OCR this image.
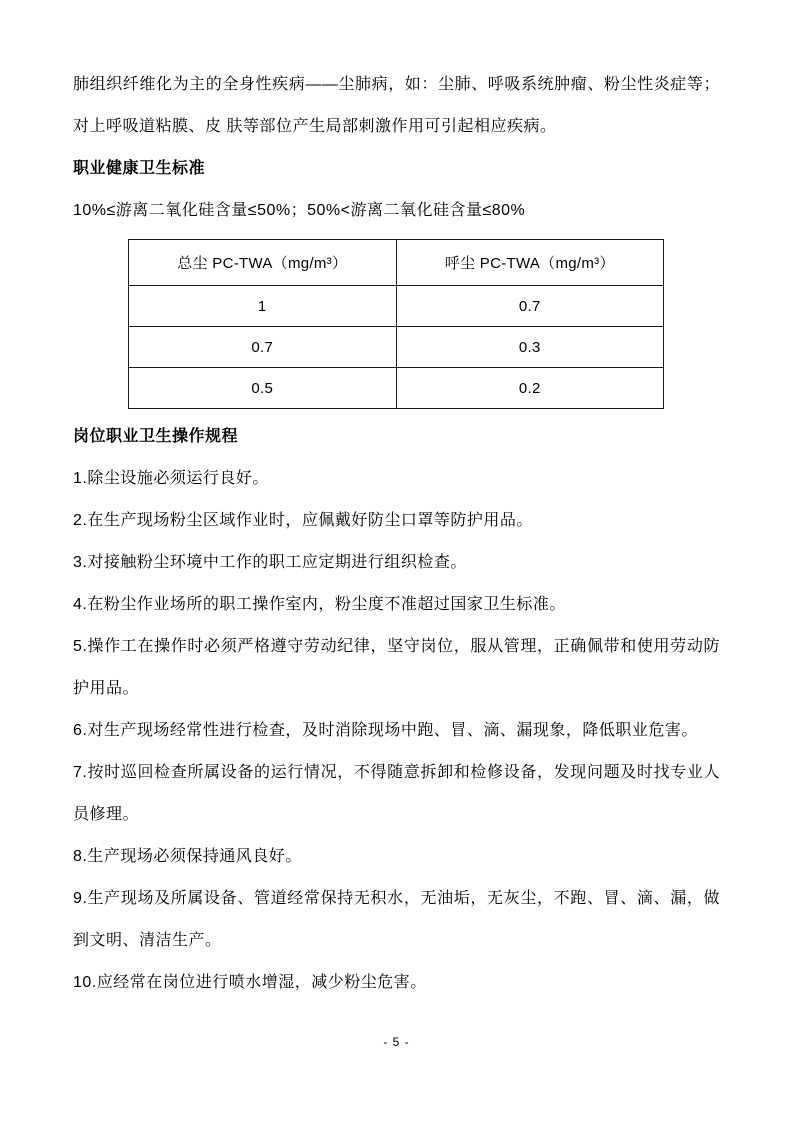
肺组织纤维化为主的全身性疾病——尘肺病，如：尘肺、呼吸系统肿瘤、粉尘性炎症等；对上呼吸道粘膜、皮 肤等部位产生局部刺激作用可引起相应疾病。

职业健康卫生标准

10%≤游离二氧化硅含量≤50%；50%<游离二氧化硅含量≤80%

总尘 PC-TWA（mg/m³）	呼尘 PC-TWA（mg/m³）
1	0.7
0.7	0.3
0.5	0.2
岗位职业卫生操作规程

1.除尘设施必须运行良好。

2.在生产现场粉尘区域作业时，应佩戴好防尘口罩等防护用品。

3.对接触粉尘环境中工作的职工应定期进行组织检查。

4.在粉尘作业场所的职工操作室内，粉尘度不准超过国家卫生标准。

5.操作工在操作时必须严格遵守劳动纪律，坚守岗位，服从管理，正确佩带和使用劳动防护用品。

6.对生产现场经常性进行检查，及时消除现场中跑、冒、滴、漏现象，降低职业危害。

7.按时巡回检查所属设备的运行情况，不得随意拆卸和检修设备，发现问题及时找专业人员修理。

8.生产现场必须保持通风良好。

9.生产现场及所属设备、管道经常保持无积水，无油垢，无灰尘，不跑、冒、滴、漏，做到文明、清洁生产。

10.应经常在岗位进行喷水增湿，减少粉尘危害。

- 5 -
